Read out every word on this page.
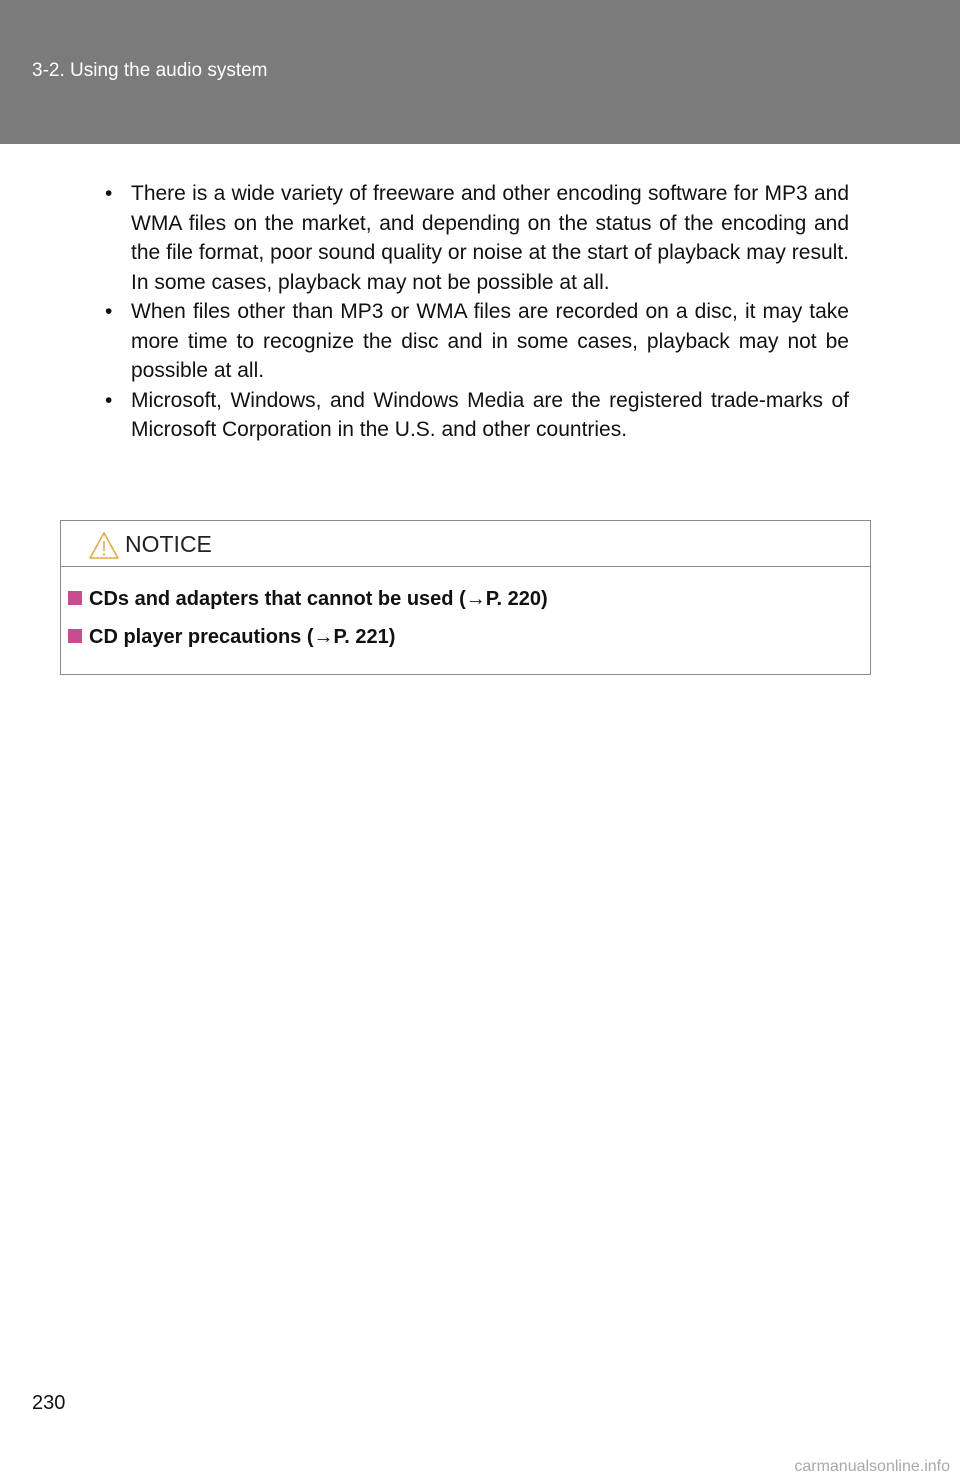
3-2. Using the audio system
• There is a wide variety of freeware and other encoding software for MP3 and WMA files on the market, and depending on the status of the encoding and the file format, poor sound quality or noise at the start of playback may result. In some cases, playback may not be possible at all.
• When files other than MP3 or WMA files are recorded on a disc, it may take more time to recognize the disc and in some cases, playback may not be possible at all.
• Microsoft, Windows, and Windows Media are the registered trade-marks of Microsoft Corporation in the U.S. and other countries.
NOTICE
CDs and adapters that cannot be used (→P. 220)
CD player precautions (→P. 221)
230
carmanualsonline.info
